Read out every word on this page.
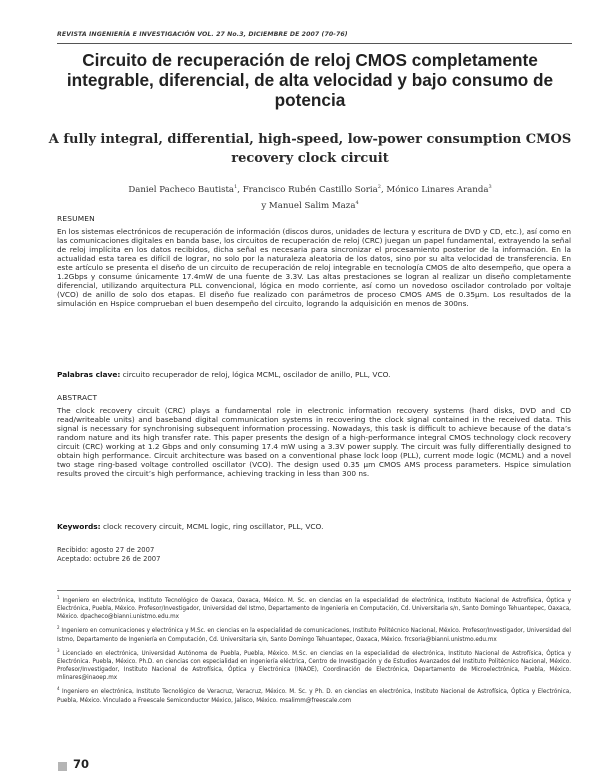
REVISTA INGENIERÍA E INVESTIGACIÓN VOL. 27 No.3, DICIEMBRE DE 2007 (70-76)
Circuito de recuperación de reloj CMOS completamente integrable, diferencial, de alta velocidad y bajo consumo de potencia
A fully integral, differential, high-speed, low-power consumption CMOS recovery clock circuit
Daniel Pacheco Bautista$^1$, Francisco Rubén Castillo Soria$^2$, Mónico Linares Aranda$^3$
y Manuel Salim Maza$^4$
RESUMEN

En los sistemas electrónicos de recuperación de información (discos duros, unidades de lectura y escritura de DVD y CD, etc.), así como en las comunicaciones digitales en banda base, los circuitos de recuperación de reloj (CRC) juegan un papel fundamental, extrayendo la señal de reloj implícita en los datos recibidos, dicha señal es necesaria para sincronizar el procesamiento posterior de la información. En la actualidad esta tarea es difícil de lograr, no solo por la naturaleza aleatoria de los datos, sino por su alta velocidad de transferencia. En este artículo se presenta el diseño de un circuito de recuperación de reloj integrable en tecnología CMOS de alto desempeño, que opera a 1.2Gbps y consume únicamente 17.4mW de una fuente de 3.3V. Las altas prestaciones se logran al realizar un diseño completamente diferencial, utilizando arquitectura PLL convencional, lógica en modo corriente, así como un novedoso oscilador controlado por voltaje (VCO) de anillo de solo dos etapas. El diseño fue realizado con parámetros de proceso CMOS AMS de 0.35µm. Los resultados de la simulación en Hspice comprueban el buen desempeño del circuito, logrando la adquisición en menos de 300ns.

Palabras clave: circuito recuperador de reloj, lógica MCML, oscilador de anillo, PLL, VCO.
ABSTRACT

The clock recovery circuit (CRC) plays a fundamental role in electronic information recovery systems (hard disks, DVD and CD read/writeable units) and baseband digital communication systems in recovering the clock signal contained in the received data. This signal is necessary for synchronising subsequent information processing. Nowadays, this task is difficult to achieve because of the data’s random nature and its high transfer rate. This paper presents the design of a high-performance integral CMOS technology clock recovery circuit (CRC) working at 1.2 Gbps and only consuming 17.4 mW using a 3.3V power supply. The circuit was fully differentially designed to obtain high performance. Circuit architecture was based on a conventional phase lock loop (PLL), current mode logic (MCML) and a novel two stage ring-based voltage controlled oscillator (VCO). The design used 0.35 µm CMOS AMS process parameters. Hspice simulation results proved the circuit’s high performance, achieving tracking in less than 300 ns.

Keywords: clock recovery circuit, MCML logic, ring oscillator, PLL, VCO.
Recibido: agosto 27 de 2007
Aceptado: octubre 26 de 2007

$^1$ Ingeniero en electrónica, Instituto Tecnológico de Oaxaca, Oaxaca, México. M. Sc. en ciencias en la especialidad de electrónica, Instituto Nacional de Astrofísica, Óptica y Electrónica, Puebla, México. Profesor/Investigador, Universidad del Istmo, Departamento de Ingeniería en Computación, Cd. Universitaria s/n, Santo Domingo Tehuantepec, Oaxaca, México. dpacheco@bianni.unistmo.edu.mx

$^2$ Ingeniero en comunicaciones y electrónica y M.Sc. en ciencias en la especialidad de comunicaciones, Instituto Politécnico Nacional, México. Profesor/Investigador, Universidad del Istmo, Departamento de Ingeniería en Computación, Cd. Universitaria s/n, Santo Domingo Tehuantepec, Oaxaca, México. frcsoria@bianni.unistmo.edu.mx

$^3$ Licenciado en electrónica, Universidad Autónoma de Puebla, Puebla, México. M.Sc. en ciencias en la especialidad de electrónica, Instituto Nacional de Astrofísica, Óptica y Electrónica. Puebla, México. Ph.D. en ciencias con especialidad en ingeniería eléctrica, Centro de Investigación y de Estudios Avanzados del Instituto Politécnico Nacional, México. Profesor/Investigador, Instituto Nacional de Astrofísica, Óptica y Electrónica (INAOE), Coordinación de Electrónica, Departamento de Microelectrónica, Puebla, México. mlinares@inaoep.mx

$^4$ Ingeniero en electrónica, Instituto Tecnológico de Veracruz, Veracruz, México. M. Sc. y Ph. D. en ciencias en electrónica, Instituto Nacional de Astrofísica, Óptica y Electrónica, Puebla, México. Vinculado a Freescale Semiconductor México, Jalisco, México. msalimm@freescale.com

70
